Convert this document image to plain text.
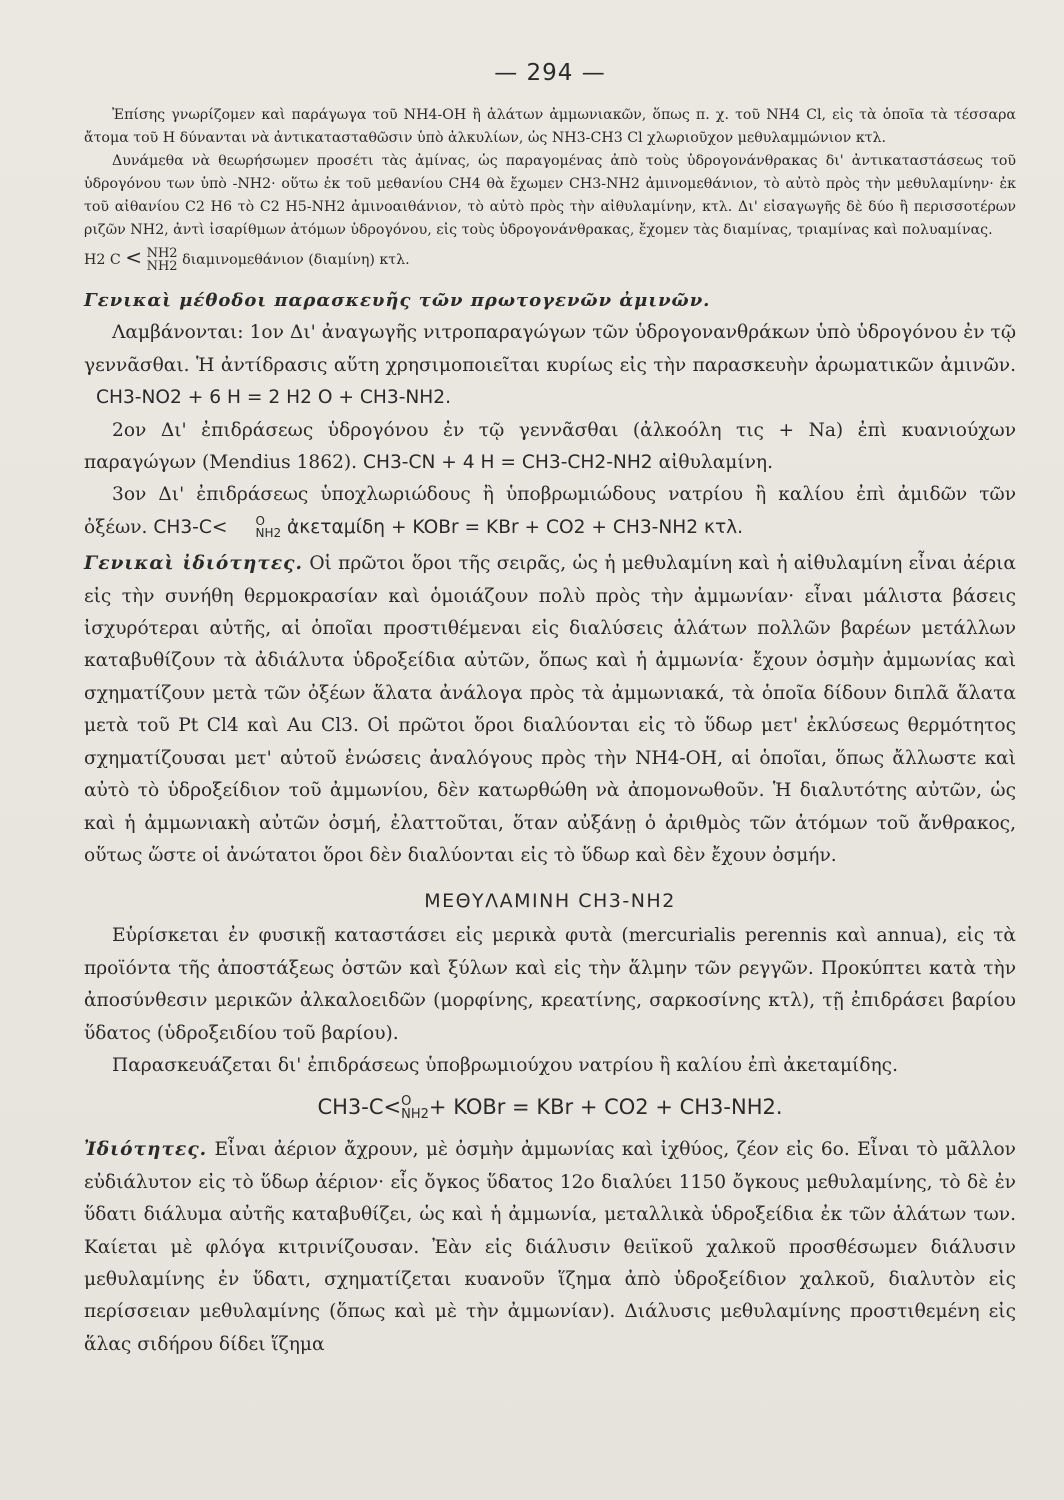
— 294 —

Ἐπίσης γνωρίζομεν καὶ παράγωγα τοῦ NH4-OH ἢ ἁλάτων ἀμμωνιακῶν, ὅπως π. χ. τοῦ NH4 Cl, εἰς τὰ ὁποῖα τὰ τέσσαρα ἄτομα τοῦ H δύνανται νὰ ἀντικατασταθῶσιν ὑπὸ ἀλκυλίων, ὡς NH3-CH3 Cl χλωριοῦχον μεθυλαμμώνιον κτλ.

Δυνάμεθα νὰ θεωρήσωμεν προσέτι τὰς ἀμίνας, ὡς παραγομένας ἀπὸ τοὺς ὑδρογονάνθρακας δι' ἀντικαταστάσεως τοῦ ὑδρογόνου των ὑπὸ -NH2· οὕτω ἐκ τοῦ μεθανίου CH4 θὰ ἔχωμεν CH3-NH2 ἀμινομεθάνιον, τὸ αὐτὸ πρὸς τὴν μεθυλαμίνην· ἐκ τοῦ αἰθανίου C2 H6 τὸ C2 H5-NH2 ἀμινοαιθάνιον, τὸ αὐτὸ πρὸς τὴν αἰθυλαμίνην, κτλ. Δι' εἰσαγωγῆς δὲ δύο ἢ περισσοτέρων ριζῶν NH2, ἀντὶ ἰσαρίθμων ἀτόμων ὑδρογόνου, εἰς τοὺς ὑδρογονάνθρακας, ἔχομεν τὰς διαμίνας, τριαμίνας καὶ πολυαμίνας.

H2 C < NH2
NH2 διαμινομεθάνιον (διαμίνη) κτλ.

Γενικαὶ μέθοδοι παρασκευῆς τῶν πρωτογενῶν ἀμινῶν.

Λαμβάνονται: 1ον Δι' ἀναγωγῆς νιτροπαραγώγων τῶν ὑδρογονανθράκων ὑπὸ ὑδρογόνου ἐν τῷ γεννᾶσθαι. Ἡ ἀντίδρασις αὕτη χρησιμοποιεῖται κυρίως εἰς τὴν παρασκευὴν ἀρωματικῶν ἀμινῶν. CH3-NO2 + 6 H = 2 H2 O + CH3-NH2.

2ον Δι' ἐπιδράσεως ὑδρογόνου ἐν τῷ γεννᾶσθαι (ἀλκοόλη τις + Na) ἐπὶ κυανιούχων παραγώγων (Mendius 1862). CH3-CN + 4 H = CH3-CH2-NH2 αἰθυλαμίνη.

3ον Δι' ἐπιδράσεως ὑποχλωριώδους ἢ ὑποβρωμιώδους νατρίου ἢ καλίου ἐπὶ ἀμιδῶν τῶν ὀξέων. CH3-C<	O
NH2 ἀκεταμίδη + KOBr = KBr + CO2 + CH3-NH2 κτλ.

Γενικαὶ ἰδιότητες. Οἱ πρῶτοι ὅροι τῆς σειρᾶς, ὡς ἡ μεθυλαμίνη καὶ ἡ αἰθυλαμίνη εἶναι ἀέρια εἰς τὴν συνήθη θερμοκρασίαν καὶ ὁμοιάζουν πολὺ πρὸς τὴν ἀμμωνίαν· εἶναι μάλιστα βάσεις ἰσχυρότεραι αὐτῆς, αἱ ὁποῖαι προστιθέμεναι εἰς διαλύσεις ἁλάτων πολλῶν βαρέων μετάλλων καταβυθίζουν τὰ ἀδιάλυτα ὑδροξείδια αὐτῶν, ὅπως καὶ ἡ ἀμμωνία· ἔχουν ὀσμὴν ἀμμωνίας καὶ σχηματίζουν μετὰ τῶν ὀξέων ἅλατα ἀνάλογα πρὸς τὰ ἀμμωνιακά, τὰ ὁποῖα δίδουν διπλᾶ ἅλατα μετὰ τοῦ Pt Cl4 καὶ Au Cl3. Οἱ πρῶτοι ὅροι διαλύονται εἰς τὸ ὕδωρ μετ' ἐκλύσεως θερμότητος σχηματίζουσαι μετ' αὐτοῦ ἑνώσεις ἀναλόγους πρὸς τὴν NH4-OH, αἱ ὁποῖαι, ὅπως ἄλλωστε καὶ αὐτὸ τὸ ὑδροξείδιον τοῦ ἀμμωνίου, δὲν κατωρθώθη νὰ ἀπομονωθοῦν. Ἡ διαλυτότης αὐτῶν, ὡς καὶ ἡ ἀμμωνιακὴ αὐτῶν ὀσμή, ἐλαττοῦται, ὅταν αὐξάνῃ ὁ ἀριθμὸς τῶν ἀτόμων τοῦ ἄνθρακος, οὕτως ὥστε οἱ ἀνώτατοι ὅροι δὲν διαλύονται εἰς τὸ ὕδωρ καὶ δὲν ἔχουν ὀσμήν.

ΜΕΘΥΛΑΜΙΝΗ CH3-NH2

Εὑρίσκεται ἐν φυσικῇ καταστάσει εἰς μερικὰ φυτὰ (mercurialis perennis καὶ annua), εἰς τὰ προϊόντα τῆς ἀποστάξεως ὀστῶν καὶ ξύλων καὶ εἰς τὴν ἅλμην τῶν ρεγγῶν. Προκύπτει κατὰ τὴν ἀποσύνθεσιν μερικῶν ἀλκαλοειδῶν (μορφίνης, κρεατίνης, σαρκοσίνης κτλ), τῇ ἐπιδράσει βαρίου ὕδατος (ὑδροξειδίου τοῦ βαρίου).

Παρασκευάζεται δι' ἐπιδράσεως ὑποβρωμιούχου νατρίου ἢ καλίου ἐπὶ ἀκεταμίδης.

CH3-C< O
NH2 + KOBr = KBr + CO2 + CH3-NH2.

Ἰδιότητες. Εἶναι ἀέριον ἄχρουν, μὲ ὀσμὴν ἀμμωνίας καὶ ἰχθύος, ζέον εἰς 6ο. Εἶναι τὸ μᾶλλον εὐδιάλυτον εἰς τὸ ὕδωρ ἀέριον· εἷς ὄγκος ὕδατος 12ο διαλύει 1150 ὄγκους μεθυλαμίνης, τὸ δὲ ἐν ὕδατι διάλυμα αὐτῆς καταβυθίζει, ὡς καὶ ἡ ἀμμωνία, μεταλλικὰ ὑδροξείδια ἐκ τῶν ἁλάτων των. Καίεται μὲ φλόγα κιτρινίζουσαν. Ἐὰν εἰς διάλυσιν θειϊκοῦ χαλκοῦ προσθέσωμεν διάλυσιν μεθυλαμίνης ἐν ὕδατι, σχηματίζεται κυανοῦν ἵζημα ἀπὸ ὑδροξείδιον χαλκοῦ, διαλυτὸν εἰς περίσσειαν μεθυλαμίνης (ὅπως καὶ μὲ τὴν ἀμμωνίαν). Διάλυσις μεθυλαμίνης προστιθεμένη εἰς ἅλας σιδήρου δίδει ἵζημα
